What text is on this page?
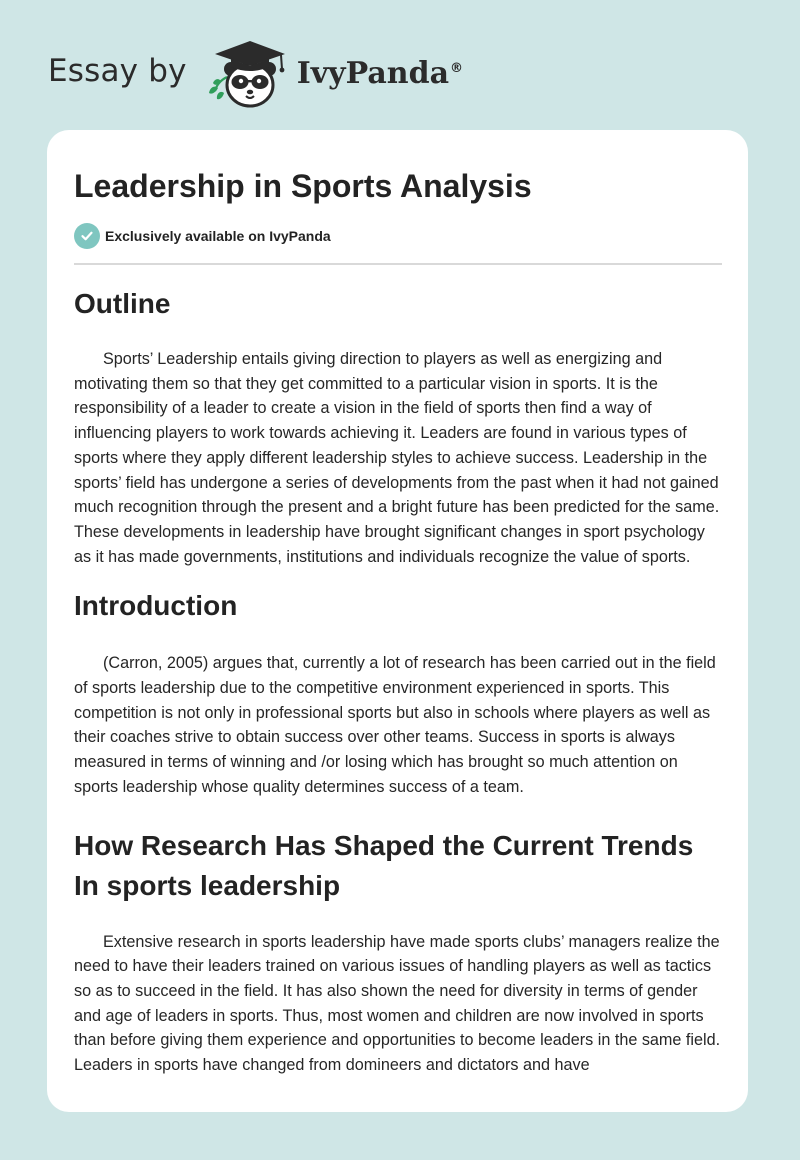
Essay by	IvyPanda®
Leadership in Sports Analysis
Exclusively available on IvyPanda
Outline

Sports’ Leadership entails giving direction to players as well as energizing and motivating them so that they get committed to a particular vision in sports. It is the responsibility of a leader to create a vision in the field of sports then find a way of influencing players to work towards achieving it. Leaders are found in various types of sports where they apply different leadership styles to achieve success. Leadership in the sports’ field has undergone a series of developments from the past when it had not gained much recognition through the present and a bright future has been predicted for the same. These developments in leadership have brought significant changes in sport psychology as it has made governments, institutions and individuals recognize the value of sports.

Introduction

(Carron, 2005) argues that, currently a lot of research has been carried out in the field of sports leadership due to the competitive environment experienced in sports. This competition is not only in professional sports but also in schools where players as well as their coaches strive to obtain success over other teams. Success in sports is always measured in terms of winning and /or losing which has brought so much attention on sports leadership whose quality determines success of a team.

How Research Has Shaped the Current Trends In sports leadership

Extensive research in sports leadership have made sports clubs’ managers realize the need to have their leaders trained on various issues of handling players as well as tactics so as to succeed in the field. It has also shown the need for diversity in terms of gender and age of leaders in sports. Thus, most women and children are now involved in sports than before giving them experience and opportunities to become leaders in the same field. Leaders in sports have changed from domineers and dictators and have
